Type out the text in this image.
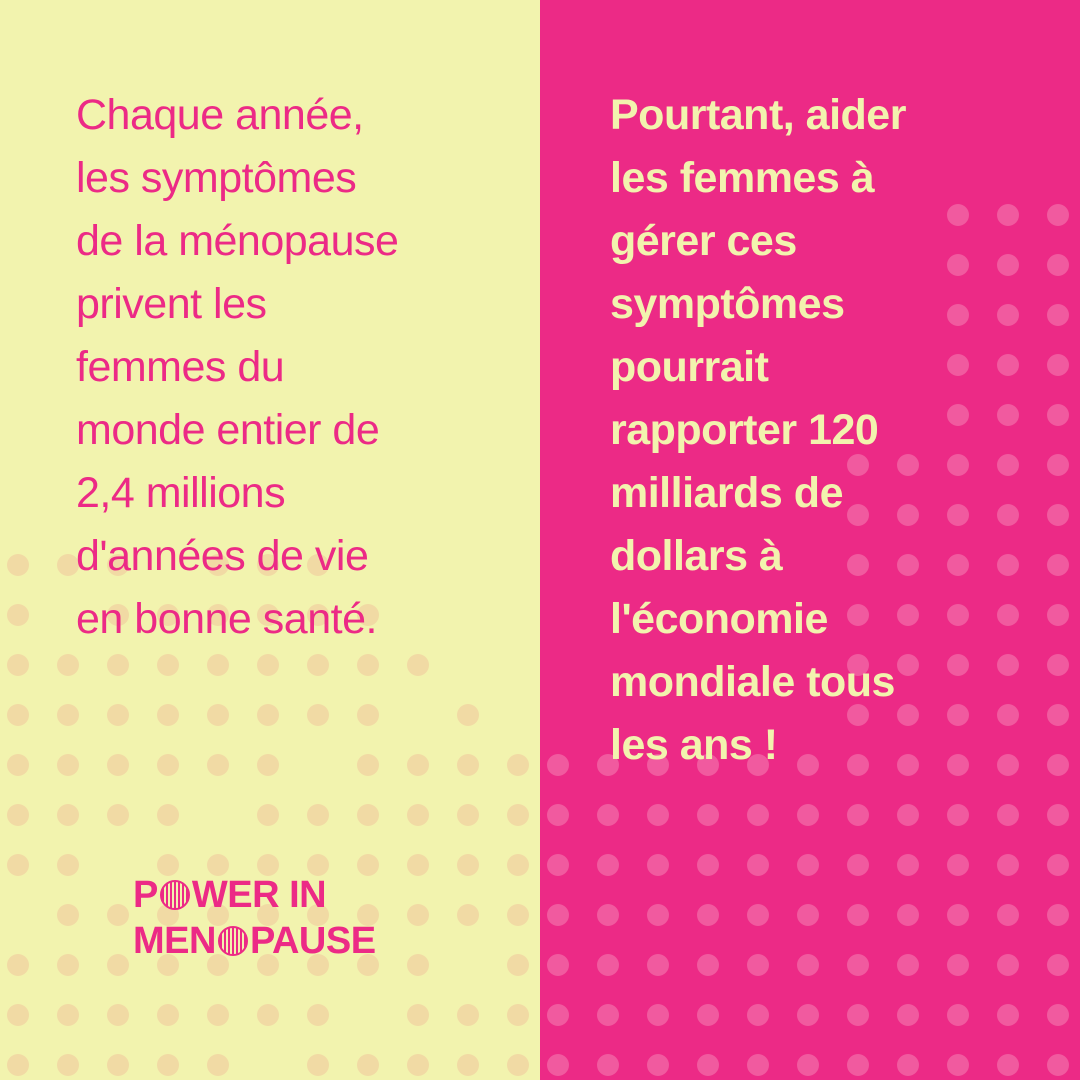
Chaque année,
les symptômes
de la ménopause
privent les
femmes du
monde entier de
2,4 millions
d'années de vie
en bonne santé.
P WER IN
MEN PAUSE
Pourtant, aider
les femmes à
gérer ces
symptômes
pourrait
rapporter 120
milliards de
dollars à
l'économie
mondiale tous
les ans !
